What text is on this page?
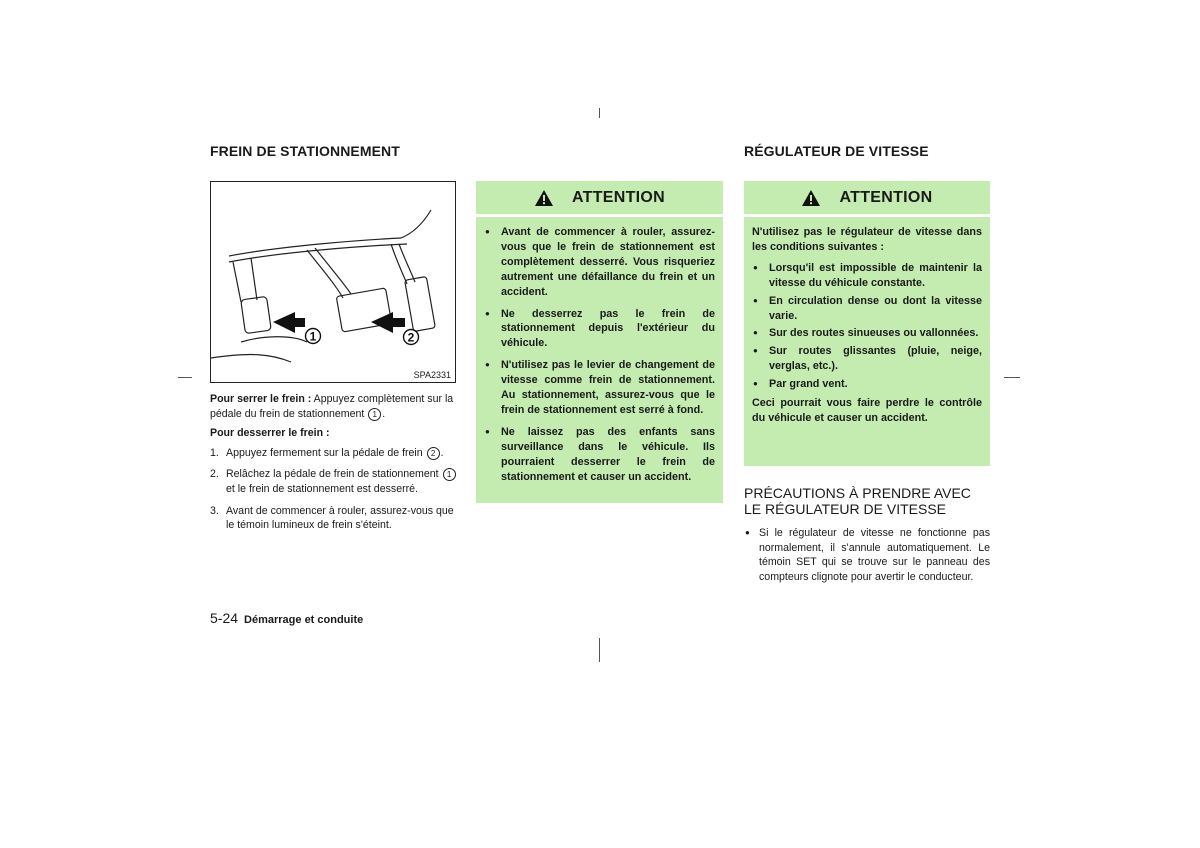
FREIN DE STATIONNEMENT
1	2
SPA2331

Pour serrer le frein : Appuyez complètement sur la pédale du frein de stationnement 1 .

Pour desserrer le frein :

1. Appuyez fermement sur la pédale de frein 2 .
2. Relâchez la pédale de frein de stationnement 1 et le frein de stationnement est desserré.
3. Avant de commencer à rouler, assurez-vous que le témoin lumineux de frein s'éteint.
ATTENTION
● Avant de commencer à rouler, assurez-vous que le frein de stationnement est complètement desserré. Vous risqueriez autrement une défaillance du frein et un accident.
● Ne desserrez pas le frein de stationnement depuis l'extérieur du véhicule.
● N'utilisez pas le levier de changement de vitesse comme frein de stationnement. Au stationnement, assurez-vous que le frein de stationnement est serré à fond.
● Ne laissez pas des enfants sans surveillance dans le véhicule. Ils pourraient desserrer le frein de stationnement et causer un accident.
RÉGULATEUR DE VITESSE
ATTENTION

N'utilisez pas le régulateur de vitesse dans les conditions suivantes :

● Lorsqu'il est impossible de maintenir la vitesse du véhicule constante.
● En circulation dense ou dont la vitesse varie.
● Sur des routes sinueuses ou vallonnées.
● Sur routes glissantes (pluie, neige, verglas, etc.).
● Par grand vent.

Ceci pourrait vous faire perdre le contrôle du véhicule et causer un accident.

PRÉCAUTIONS À PRENDRE AVEC
LE RÉGULATEUR DE VITESSE
● Si le régulateur de vitesse ne fonctionne pas normalement, il s'annule automatiquement. Le témoin SET qui se trouve sur le panneau des compteurs clignote pour avertir le conducteur.
5-24 Démarrage et conduite
